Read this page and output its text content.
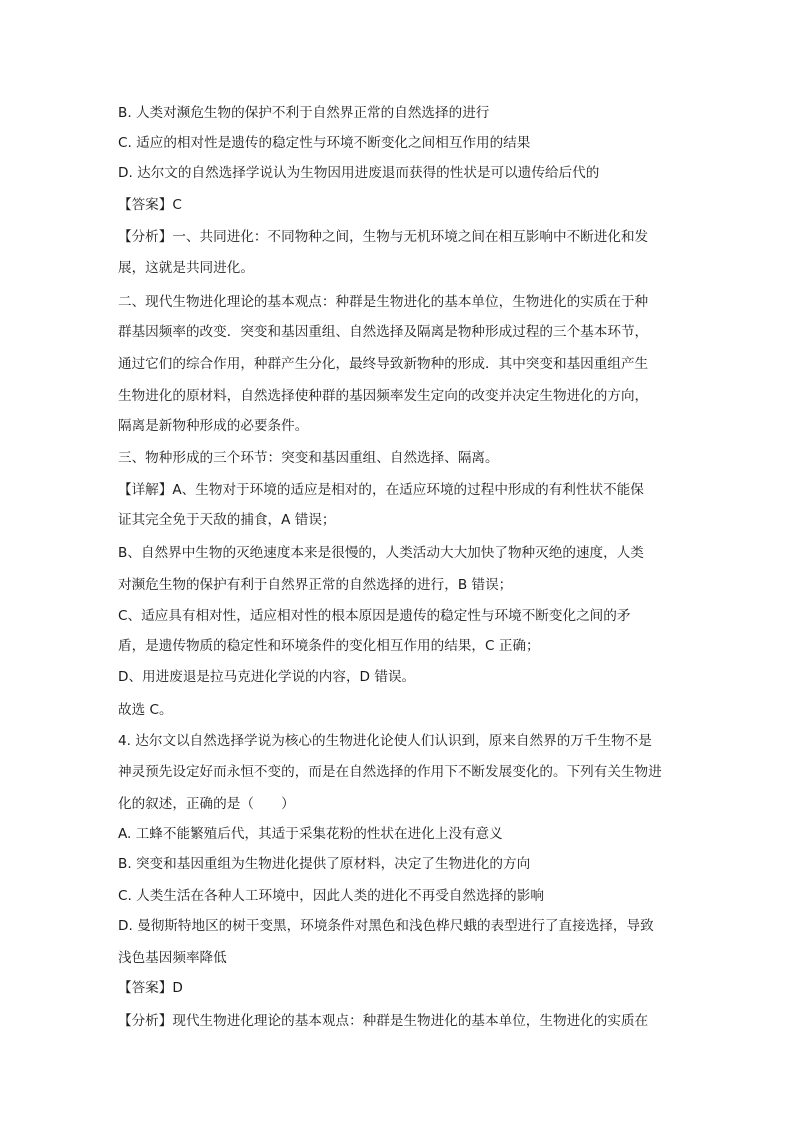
B. 人类对濒危生物的保护不利于自然界正常的自然选择的进行
C. 适应的相对性是遗传的稳定性与环境不断变化之间相互作用的结果
D. 达尔文的自然选择学说认为生物因用进废退而获得的性状是可以遗传给后代的
【答案】C
【分析】一、共同进化：不同物种之间，生物与无机环境之间在相互影响中不断进化和发
展，这就是共同进化。
二、现代生物进化理论的基本观点：种群是生物进化的基本单位，生物进化的实质在于种
群基因频率的改变．突变和基因重组、自然选择及隔离是物种形成过程的三个基本环节，
通过它们的综合作用，种群产生分化，最终导致新物种的形成．其中突变和基因重组产生
生物进化的原材料，自然选择使种群的基因频率发生定向的改变并决定生物进化的方向，
隔离是新物种形成的必要条件。
三、物种形成的三个环节：突变和基因重组、自然选择、隔离。
【详解】A、生物对于环境的适应是相对的，在适应环境的过程中形成的有利性状不能保
证其完全免于天敌的捕食，A 错误；
B、自然界中生物的灭绝速度本来是很慢的，人类活动大大加快了物种灭绝的速度，人类
对濒危生物的保护有利于自然界正常的自然选择的进行，B 错误；
C、适应具有相对性，适应相对性的根本原因是遗传的稳定性与环境不断变化之间的矛
盾，是遗传物质的稳定性和环境条件的变化相互作用的结果，C 正确；
D、用进废退是拉马克进化学说的内容，D 错误。
故选 C。
4. 达尔文以自然选择学说为核心的生物进化论使人们认识到，原来自然界的万千生物不是
神灵预先设定好而永恒不变的，而是在自然选择的作用下不断发展变化的。下列有关生物进
化的叙述，正确的是（　　）
A. 工蜂不能繁殖后代，其适于采集花粉的性状在进化上没有意义
B. 突变和基因重组为生物进化提供了原材料，决定了生物进化的方向
C. 人类生活在各种人工环境中，因此人类的进化不再受自然选择的影响
D. 曼彻斯特地区的树干变黑，环境条件对黑色和浅色桦尺蛾的表型进行了直接选择，导致
浅色基因频率降低
【答案】D
【分析】现代生物进化理论的基本观点：种群是生物进化的基本单位，生物进化的实质在
